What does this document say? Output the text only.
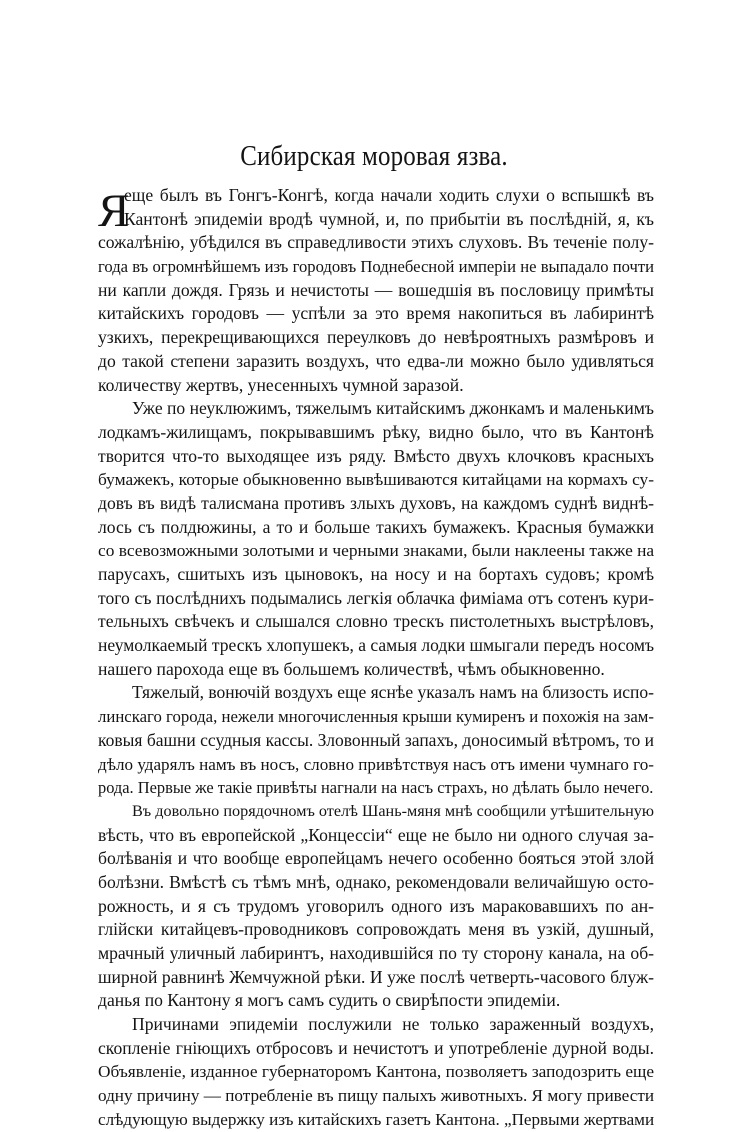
Сибирская моровая язва.
Я
еще былъ въ Гонгъ-Конгѣ, когда начали ходить слухи о вспышкѣ въ
Кантонѣ эпидеміи вродѣ чумной, и, по прибытіи въ послѣдній, я, къ
сожалѣнію, убѣдился въ справедливости этихъ слуховъ. Въ теченіе полу-
года въ огромнѣйшемъ изъ городовъ Поднебесной имперіи не выпадало почти
ни капли дождя. Грязь и нечистоты — вошедшія въ пословицу примѣты
китайскихъ городовъ — успѣли за это время накопиться въ лабиринтѣ
узкихъ, перекрещивающихся переулковъ до невѣроятныхъ размѣровъ и
до такой степени заразить воздухъ, что едва-ли можно было удивляться
количеству жертвъ, унесенныхъ чумной заразой.
Уже по неуклюжимъ, тяжелымъ китайскимъ джонкамъ и маленькимъ
лодкамъ-жилищамъ, покрывавшимъ рѣку, видно было, что въ Кантонѣ
творится что-то выходящее изъ ряду. Вмѣсто двухъ клочковъ красныхъ
бумажекъ, которые обыкновенно вывѣшиваются китайцами на кормахъ су-
довъ въ видѣ талисмана противъ злыхъ духовъ, на каждомъ суднѣ виднѣ-
лось съ полдюжины, а то и больше такихъ бумажекъ. Красныя бумажки
со всевозможными золотыми и черными знаками, были наклеены также на
парусахъ, сшитыхъ изъ цыновокъ, на носу и на бортахъ судовъ; кромѣ
того съ послѣднихъ подымались легкія облачка фиміама отъ сотенъ кури-
тельныхъ свѣчекъ и слышался словно трескъ пистолетныхъ выстрѣловъ,
неумолкаемый трескъ хлопушекъ, а самыя лодки шмыгали передъ носомъ
нашего парохода еще въ большемъ количествѣ, чѣмъ обыкновенно.
Тяжелый, вонючій воздухъ еще яснѣе указалъ намъ на близость испо-
линскаго города, нежели многочисленныя крыши кумиренъ и похожія на зам-
ковыя башни ссудныя кассы. Зловонный запахъ, доносимый вѣтромъ, то и
дѣло ударялъ намъ въ носъ, словно привѣтствуя насъ отъ имени чумнаго го-
рода. Первые же такіе привѣты нагнали на насъ страхъ, но дѣлать было нечего.
Въ довольно порядочномъ отелѣ Шань-мяня мнѣ сообщили утѣшительную
вѣсть, что въ европейской „Концессіи“ еще не было ни одного случая за-
болѣванія и что вообще европейцамъ нечего особенно бояться этой злой
болѣзни. Вмѣстѣ съ тѣмъ мнѣ, однако, рекомендовали величайшую осто-
рожность, и я съ трудомъ уговорилъ одного изъ мараковавшихъ по ан-
глійски китайцевъ-проводниковъ сопровождать меня въ узкій, душный,
мрачный уличный лабиринтъ, находившійся по ту сторону канала, на об-
ширной равнинѣ Жемчужной рѣки. И уже послѣ четверть-часового блуж-
данья по Кантону я могъ самъ судить о свирѣпости эпидеміи.
Причинами эпидеміи послужили не только зараженный воздухъ,
скопленіе гніющихъ отбросовъ и нечистотъ и употребленіе дурной воды.
Объявленіе, изданное губернаторомъ Кантона, позволяетъ заподозрить еще
одну причину — потребленіе въ пищу палыхъ животныхъ. Я могу привести
слѣдующую выдержку изъ китайскихъ газетъ Кантона. „Первыми жертвами
